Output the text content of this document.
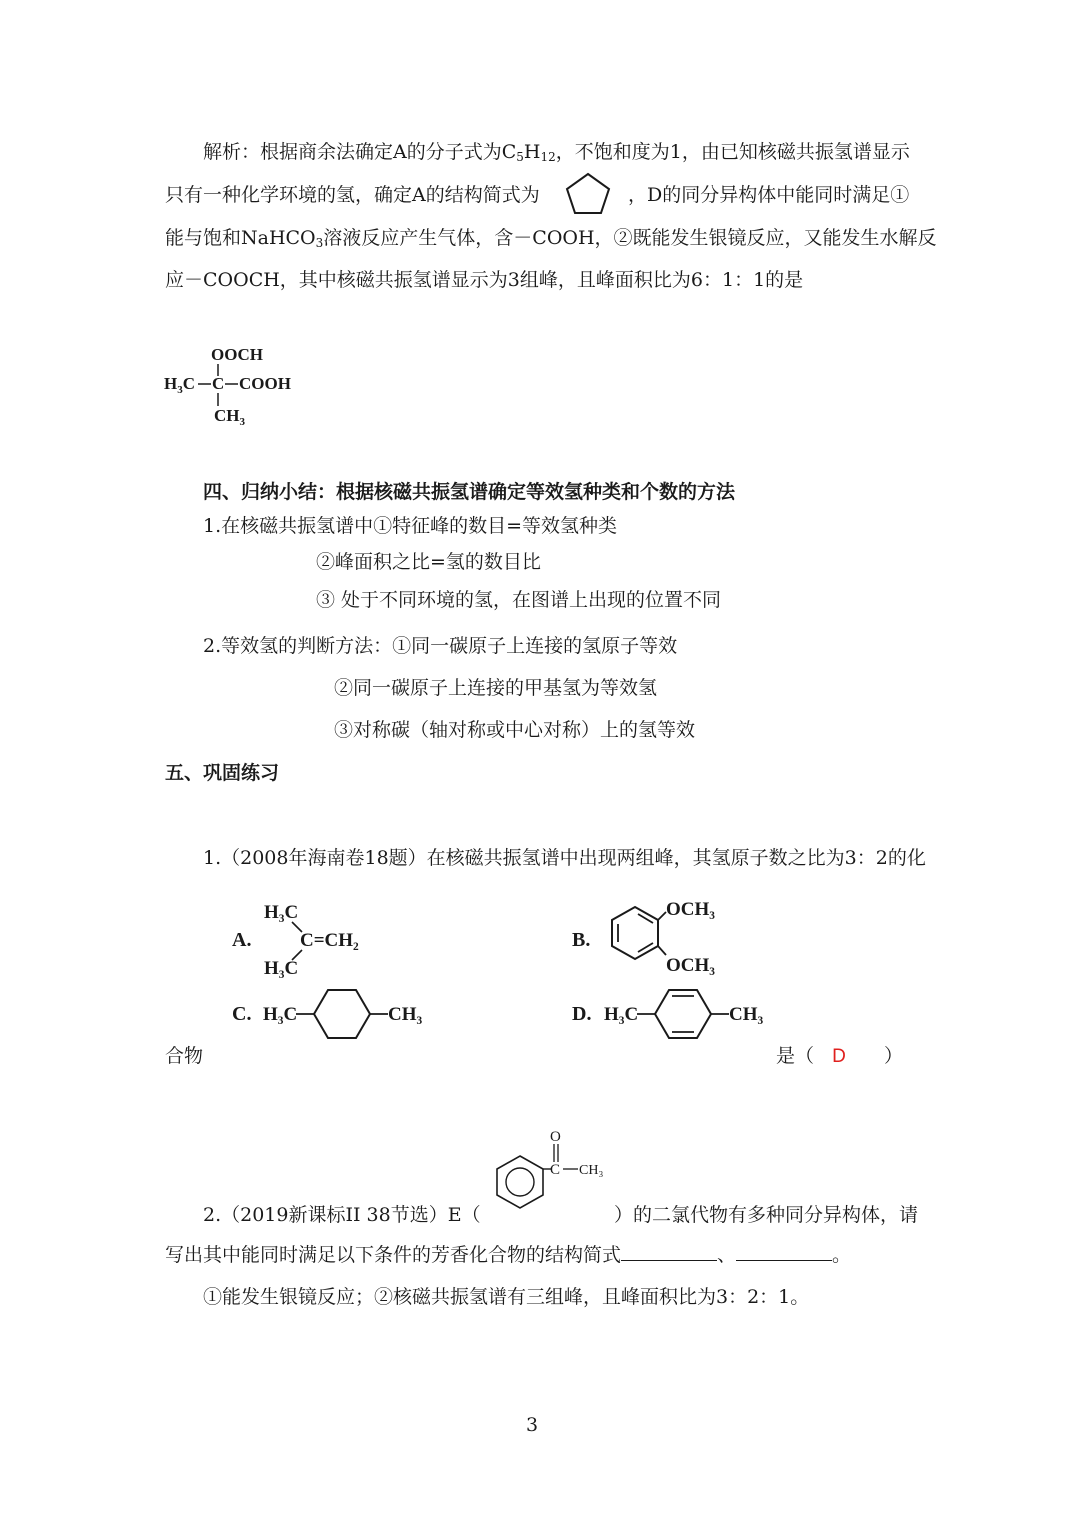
解析：根据商余法确定A的分子式为$C_5H_{12}$，不饱和度为1，由已知核磁共振氢谱显示
只有一种化学环境的氢，确定A的结构简式为	，D的同分异构体中能同时满足①
能与饱和NaHCO$_3$溶液反应产生气体，含－COOH，②既能发生银镜反应，又能发生水解反
应－COOCH，其中核磁共振氢谱显示为3组峰，且峰面积比为6：1：1的是
OOCH
$H_3C$ C COOH
$CH_3$
四、归纳小结：根据核磁共振氢谱确定等效氢种类和个数的方法
1.在核磁共振氢谱中①特征峰的数目=等效氢种类
②峰面积之比=氢的数目比
③ 处于不同环境的氢，在图谱上出现的位置不同
2.等效氢的判断方法：①同一碳原子上连接的氢原子等效
②同一碳原子上连接的甲基氢为等效氢
③对称碳（轴对称或中心对称）上的氢等效
五、巩固练习
1.（2008年海南卷18题）在核磁共振氢谱中出现两组峰，其氢原子数之比为3：2的化
A.
H₃C
H₃C
C=CH₂	B.
OCH₃
OCH₃
C. H₃C	CH₃	D. H₃C	CH₃
合物	是（ D ）
C
O
CH₃
2.（2019新课标II 38节选）E（	）的二氯代物有多种同分异构体，请
写出其中能同时满足以下条件的芳香化合物的结构简式	、	。
①能发生银镜反应；②核磁共振氢谱有三组峰，且峰面积比为3：2：1。
3
